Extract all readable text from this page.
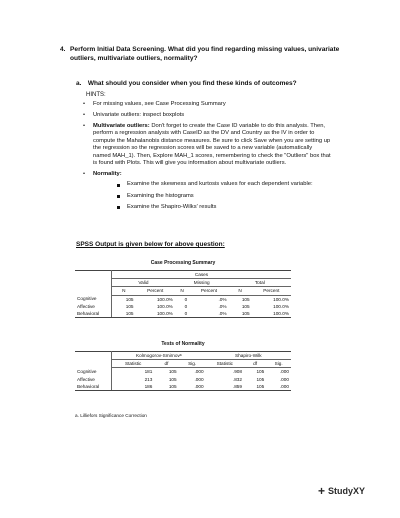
4. Perform Initial Data Screening. What did you find regarding missing values, univariate outliers, multivariate outliers, normality?
a. What should you consider when you find these kinds of outcomes?
HINTS:
• For missing values, see Case Processing Summary
• Univariate outliers: inspect boxplots
• Multivariate outliers: Don't forget to create the Case ID variable to do this analysis. Then, perform a regression analysis with CaseID as the DV and Country as the IV in order to compute the Mahalanobis distance measures. Be sure to click Save when you are setting up the regression so the regression scores will be saved to a new variable (automatically named MAH_1). Then, Explore MAH_1 scores, remembering to check the "Outliers" box that is found with Plots. This will give you information about multivariate outliers.
• Normality:
Examine the skewness and kurtosis values for each dependent variable:
Examining the histograms
Examine the Shapiro-Wilks' results
SPSS Output is given below for above question:
Case Processing Summary
	Cases					
	Valid		Missing		Total	
	N	Percent	N	Percent	N	Percent
Cognitive	105	100.0%	0	.0%	105	100.0%
Affective	105	100.0%	0	.0%	105	100.0%
Behavioral	105	100.0%	0	.0%	105	100.0%
Tests of Normality
	Kolmogorov-Smirnovᵃ			Shapiro-Wilk		
	Statistic	df	Sig.	Statistic	df	Sig.
Cognitive	181	105	.000	.908	105	.000
Affective	213	105	.000	.832	105	.000
Behavioral	186	105	.000	.859	105	.000
a. Lilliefors Significance Correction
+ StudyXY
